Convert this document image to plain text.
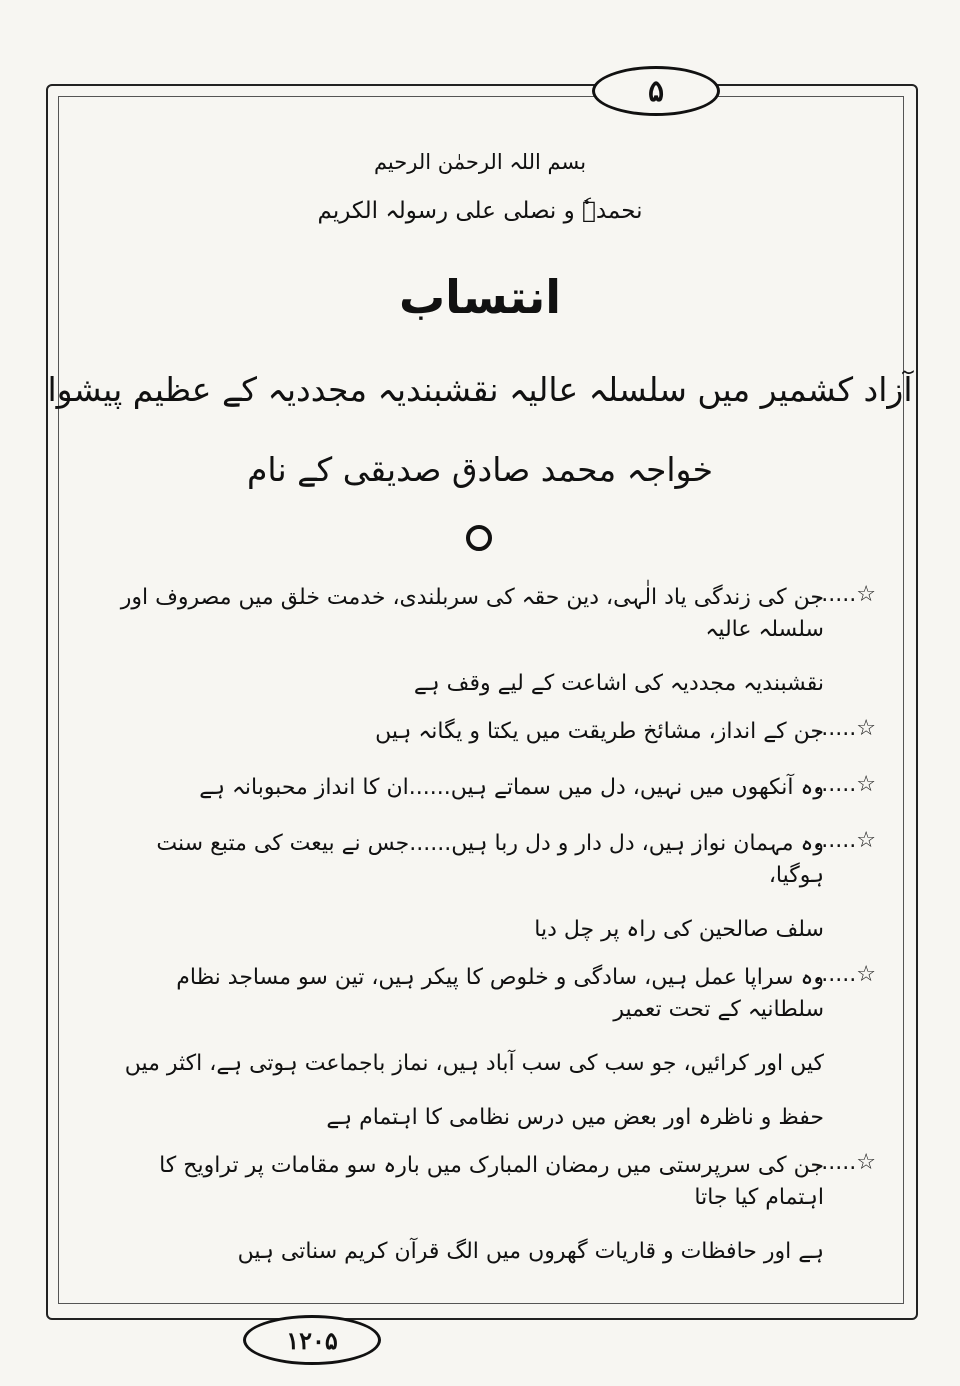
۵
بسم اللہ الرحمٰن الرحیم
نحمدہٗ و نصلی علی رسولہ الکریم
انتساب
آزاد کشمیر میں سلسلہ عالیہ نقشبندیہ مجددیہ کے عظیم پیشوا
خواجہ محمد صادق صدیقی کے نام
☆......
جن کی زندگی یاد الٰہی، دین حقہ کی سربلندی، خدمت خلق میں مصروف اور سلسلہ عالیہ
نقشبندیہ مجددیہ کی اشاعت کے لیے وقف ہے
☆......
جن کے انداز، مشائخ طریقت میں یکتا و یگانہ ہیں
☆......
وہ آنکھوں میں نہیں، دل میں سماتے ہیں......ان کا انداز محبوبانہ ہے
☆......
وہ مہمان نواز ہیں، دل دار و دل ربا ہیں......جس نے بیعت کی متبع سنت ہوگیا،
سلف صالحین کی راہ پر چل دیا
☆......
وہ سراپا عمل ہیں، سادگی و خلوص کا پیکر ہیں، تین سو مساجد نظام سلطانیہ کے تحت تعمیر
کیں اور کرائیں، جو سب کی سب آباد ہیں، نماز باجماعت ہوتی ہے، اکثر میں
حفظ و ناظرہ اور بعض میں درس نظامی کا اہتمام ہے
☆......
جن کی سرپرستی میں رمضان المبارک میں بارہ سو مقامات پر تراویح کا اہتمام کیا جاتا
ہے اور حافظات و قاریات گھروں میں الگ قرآن کریم سناتی ہیں
۱۲۰۵
